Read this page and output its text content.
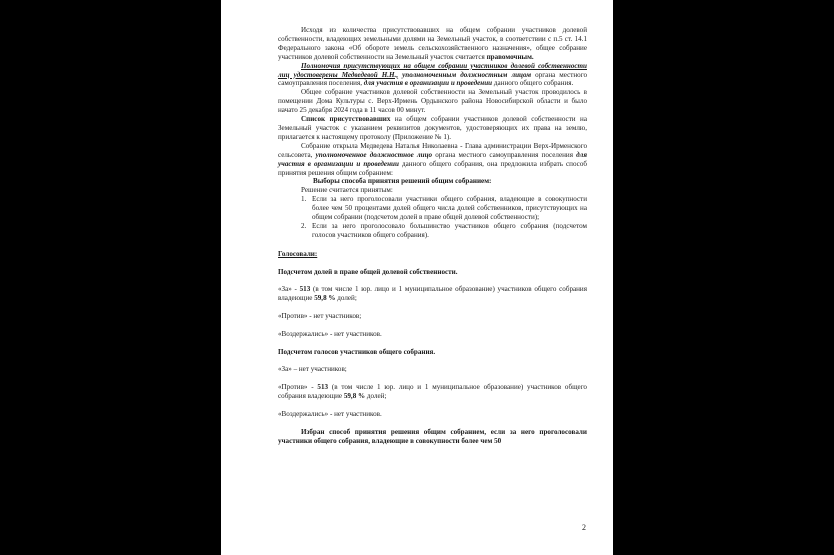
Исходя из количества присутствовавших на общем собрании участников долевой собственности, владеющих земельными долями на Земельный участок, в соответствии с п.5 ст. 14.1 Федерального закона «Об обороте земель сельскохозяйственного назначения», общее собрание участников долевой собственности на Земельный участок считается правомочным.

Полномочия присутствующих на общем собрании участников долевой собственности лиц удостоверены Медведевой Н.Н., уполномоченным должностным лицом органа местного самоуправления поселения, для участия в организации и проведении данного общего собрания.

Общее собрание участников долевой собственности на Земельный участок проводилось в помещении Дома Культуры с. Верх-Ирмень Ордынского района Новосибирской области и было начато 25 декабря 2024 года в 11 часов 00 минут.

Список присутствовавших на общем собрании участников долевой собственности на Земельный участок с указанием реквизитов документов, удостоверяющих их права на землю, прилагается к настоящему протоколу (Приложение № 1).

Собрание открыла Медведева Наталья Николаевна - Глава администрации Верх-Ирменского сельсовета, уполномоченное должностное лицо органа местного самоуправления поселения для участия в организации и проведении данного общего собрания, она предложила избрать способ принятия решения общим собранием:

Выборы способа принятия решений общим собранием:

Решение считается принятым:

1. Если за него проголосовали участники общего собрания, владеющие в совокупности более чем 50 процентами долей общего числа долей собственников, присутствующих на общем собрании (подсчетом долей в праве общей долевой собственности);
2. Если за него проголосовало большинство участников общего собрания (подсчетом голосов участников общего собрания).

Голосовали:

Подсчетом долей в праве общей долевой собственности.

«За» - 513 (в том числе 1 юр. лицо и 1 муниципальное образование) участников общего собрания владеющие 59,8 % долей;

«Против» - нет участников;

«Воздержались» - нет участников.

Подсчетом голосов участников общего собрания.

«За» – нет участников;

«Против» - 513 (в том числе 1 юр. лицо и 1 муниципальное образование) участников общего собрания владеющие 59,8 % долей;

«Воздержались» - нет участников.

Избран способ принятия решения общим собранием, если за него проголосовали участники общего собрания, владеющие в совокупности более чем 50

2
